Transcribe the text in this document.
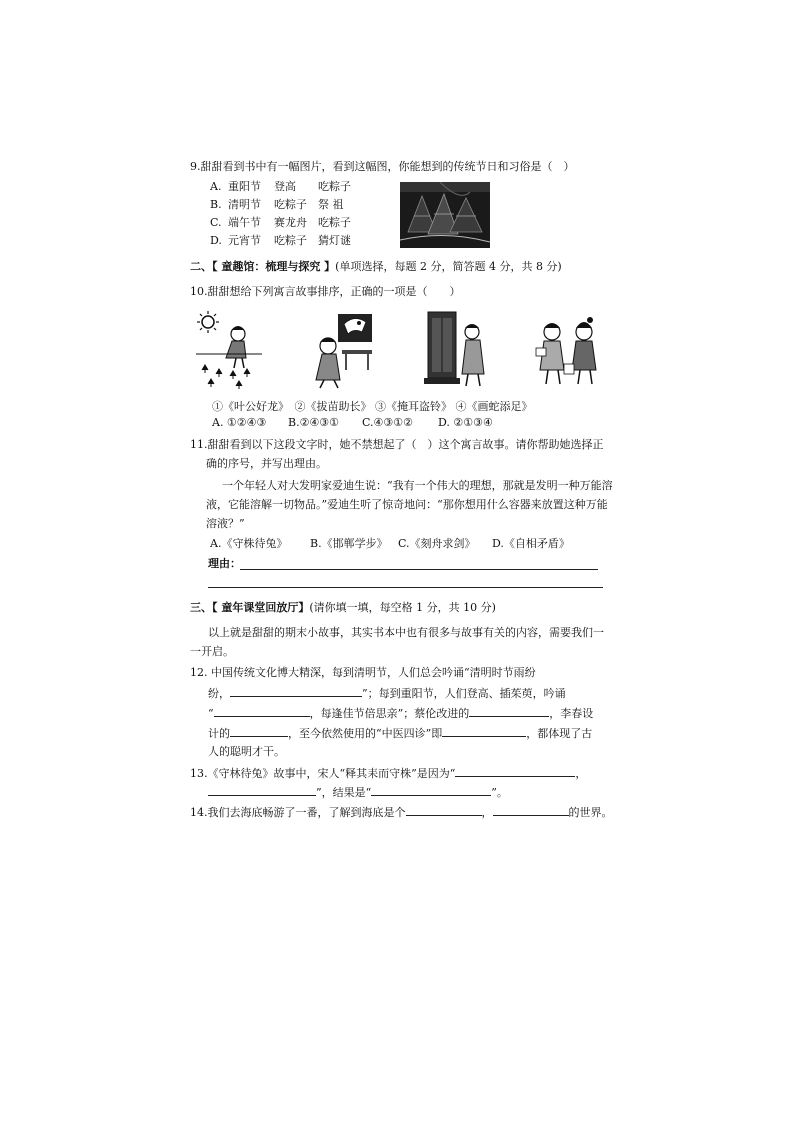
9.甜甜看到书中有一幅图片，看到这幅图，你能想到的传统节日和习俗是（　）
A. 重阳节 登高 吃粽子
B. 清明节 吃粽子 祭 祖
C. 端午节 赛龙舟 吃粽子
D. 元宵节 吃粽子 猜灯谜
二、【 童趣馆：梳理与探究 】(单项选择，每题 2 分，简答题 4 分，共 8 分)
10.甜甜想给下列寓言故事排序，正确的一项是（　　）
①《叶公好龙》　②《拔苗助长》 ③《掩耳盗铃》 ④《画蛇添足》
A. ①②④③ B.②④③① C.④③①② D. ②①③④
11.甜甜看到以下这段文字时，她不禁想起了（　）这个寓言故事。请你帮助她选择正
确的序号，并写出理由。
一个年轻人对大发明家爱迪生说：“我有一个伟大的理想，那就是发明一种万能溶
液，它能溶解一切物品。”爱迪生听了惊奇地问：“那你想用什么容器来放置这种万能
溶液？”
A.《守株待兔》 B.《邯郸学步》 C.《刻舟求剑》 D.《自相矛盾》
理由：
三、【 童年课堂回放厅】(请你填一填，每空格 1 分，共 10 分)
以上就是甜甜的期末小故事，其实书本中也有很多与故事有关的内容，需要我们一
一开启。
12. 中国传统文化博大精深，每到清明节，人们总会吟诵“清明时节雨纷
纷，	”；每到重阳节，人们登高、插茱萸，吟诵
“	，每逢佳节倍思亲”；蔡伦改进的	，李春设
计的	，至今依然使用的“中医四诊”即	，都体现了古
人的聪明才干。
13.《守林待兔》故事中，宋人“释其耒而守株”是因为“	，
”，结果是“	”。
14.我们去海底畅游了一番，了解到海底是个	，	的世界。
